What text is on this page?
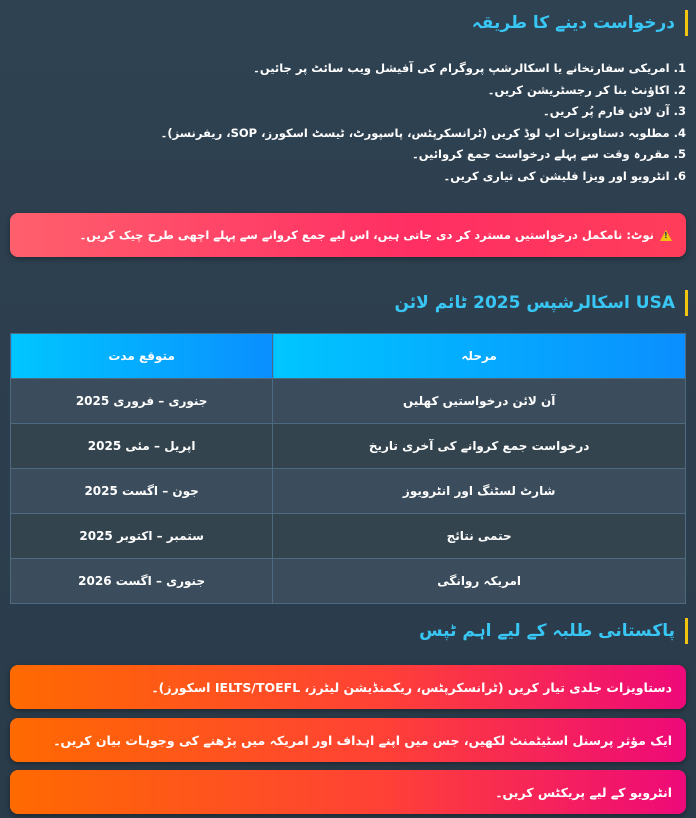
درخواست دینے کا طریقہ
1.امریکی سفارتخانے یا اسکالرشپ پروگرام کی آفیشل ویب سائٹ پر جائیں۔
2.اکاؤنٹ بنا کر رجسٹریشن کریں۔
3.آن لائن فارم پُر کریں۔
4.مطلوبہ دستاویزات اپ لوڈ کریں (ٹرانسکرپٹس، پاسپورٹ، ٹیسٹ اسکورز، SOP، ریفرنسز)۔
5.مقررہ وقت سے پہلے درخواست جمع کروائیں۔
6.انٹرویو اور ویزا فلیشن کی تیاری کریں۔
!
نوٹ:

نامکمل درخواستیں مسترد کر دی جاتی ہیں، اس لیے جمع کروانے سے پہلے اچھی طرح چیک کریں۔
USA اسکالرشپس 2025 ٹائم لائن
مرحلہ	متوقع مدت
آن لائن درخواستیں کھلیں	جنوری – فروری 2025
درخواست جمع کروانے کی آخری تاریخ	اپریل – مئی 2025
شارٹ لسٹنگ اور انٹرویوز	جون – اگست 2025
حتمی نتائج	ستمبر – اکتوبر 2025
امریکہ روانگی	جنوری – اگست 2026
پاکستانی طلبہ کے لیے اہم ٹپس
دستاویزات جلدی تیار کریں (ٹرانسکرپٹس، ریکمنڈیشن لیٹرز، IELTS/TOEFL اسکورز)۔
ایک مؤثر پرسنل اسٹیٹمنٹ لکھیں، جس میں اپنے اہداف اور امریکہ میں پڑھنے کی وجوہات بیان کریں۔
انٹرویو کے لیے پریکٹس کریں۔
